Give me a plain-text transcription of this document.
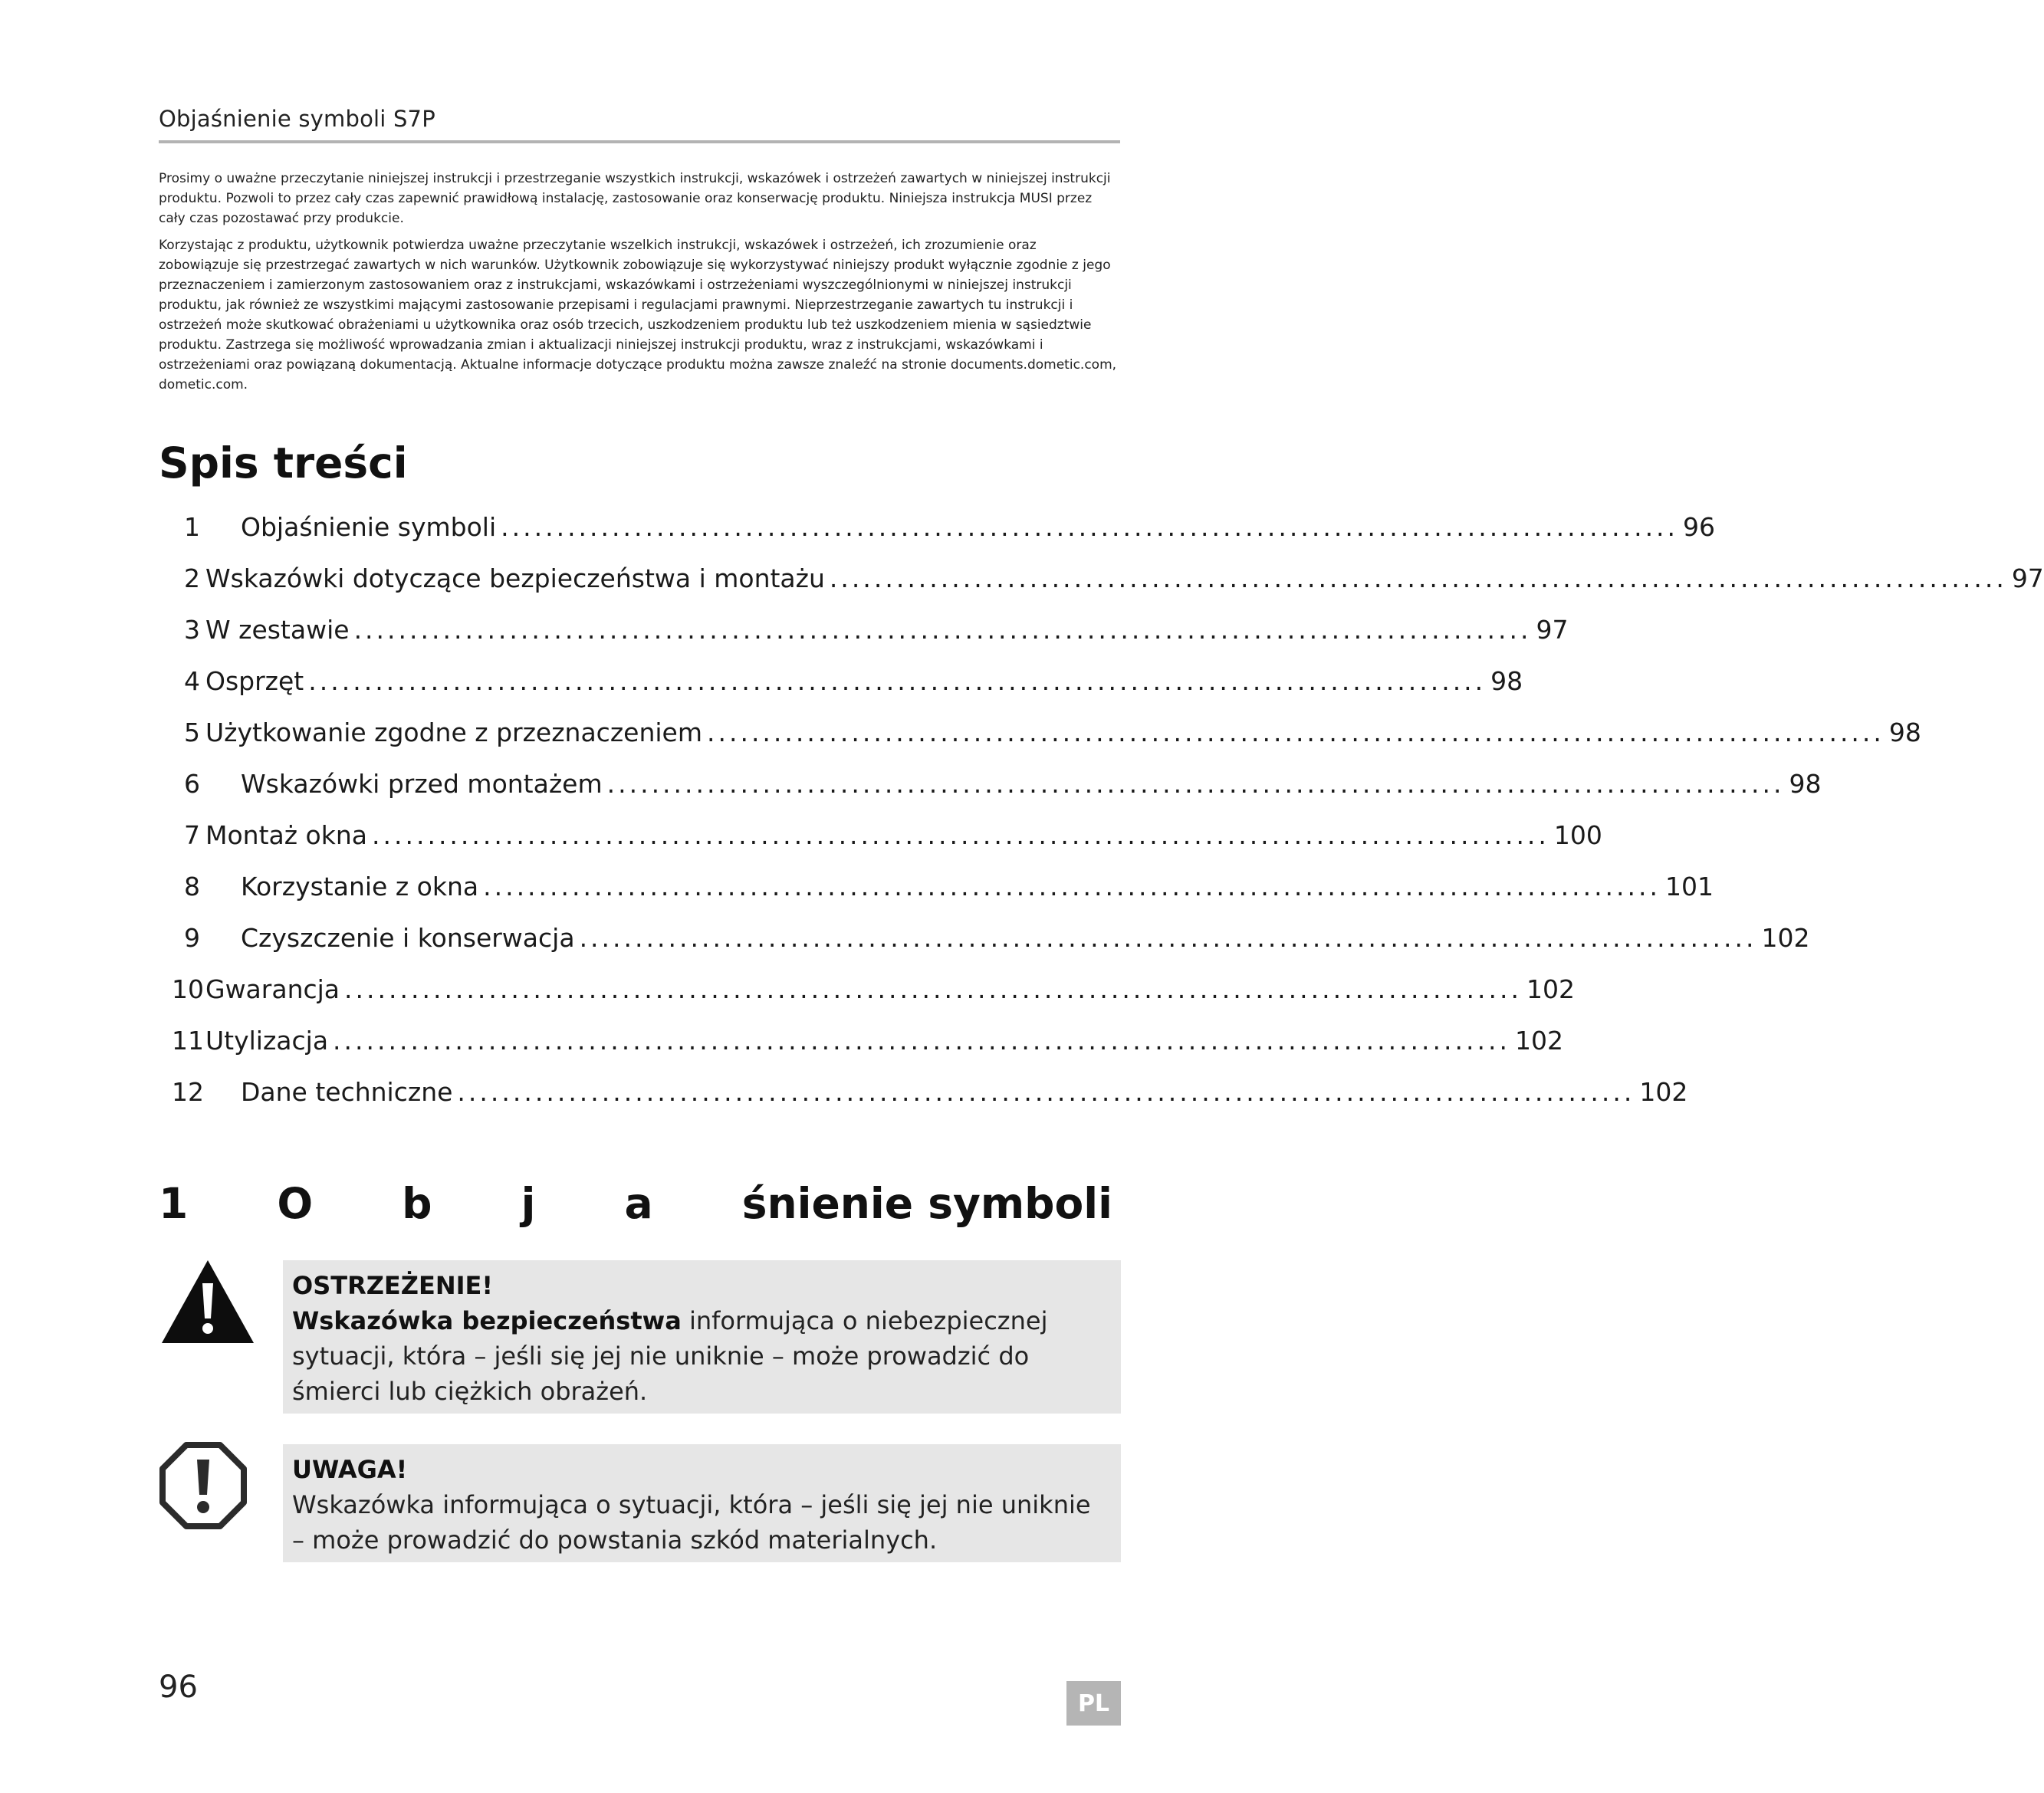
Objaśnienie symboli S7P

Prosimy o uważne przeczytanie niniejszej instrukcji i przestrzeganie wszystkich instrukcji, wskazówek i ostrzeżeń zawartych w niniejszej instrukcji produktu. Pozwoli to przez cały czas zapewnić prawidłową instalację, zastosowanie oraz konserwację produktu. Niniejsza instrukcja MUSI przez cały czas pozostawać przy produkcie.

Korzystając z produktu, użytkownik potwierdza uważne przeczytanie wszelkich instrukcji, wskazówek i ostrzeżeń, ich zrozumienie oraz zobowiązuje się przestrzegać zawartych w nich warunków. Użytkownik zobowiązuje się wykorzystywać niniejszy produkt wyłącznie zgodnie z jego przeznaczeniem i zamierzonym zastosowaniem oraz z instrukcjami, wskazówkami i ostrzeżeniami wyszczególnionymi w niniejszej instrukcji produktu, jak również ze wszystkimi mającymi zastosowanie przepisami i regulacjami prawnymi. Nieprzestrzeganie zawartych tu instrukcji i ostrzeżeń może skutkować obrażeniami u użytkownika oraz osób trzecich, uszkodzeniem produktu lub też uszkodzeniem mienia w sąsiedztwie produktu. Zastrzega się możliwość wprowadzania zmian i aktualizacji niniejszej instrukcji produktu, wraz z instrukcjami, wskazówkami i ostrzeżeniami oraz powiązaną dokumentacją. Aktualne informacje dotyczące produktu można zawsze znaleźć na stronie documents.dometic.com, dometic.com.

Spis treści
1	Objaśnienie symboli .......................................................................................................... 96
2 Wskazówki dotyczące bezpieczeństwa i montażu .......................................................................................................... 97
3 W zestawie .......................................................................................................... 97
4 Osprzęt .......................................................................................................... 98
5 Użytkowanie zgodne z przeznaczeniem .......................................................................................................... 98
6	Wskazówki przed montażem .......................................................................................................... 98
7 Montaż okna .......................................................................................................... 100
8	Korzystanie z okna .......................................................................................................... 101
9	Czyszczenie i konserwacja .......................................................................................................... 102
10 Gwarancja .......................................................................................................... 102
11 Utylizacja .......................................................................................................... 102
12	Dane techniczne .......................................................................................................... 102
1 O b j a śnienie symboli
OSTRZEŻENIE!
Wskazówka bezpieczeństwa informująca o niebezpiecznej sytuacji, która – jeśli się jej nie uniknie – może prowadzić do śmierci lub ciężkich obrażeń.
UWAGA!
Wskazówka informująca o sytuacji, która – jeśli się jej nie uniknie – może prowadzić do powstania szkód materialnych.
96	PL
